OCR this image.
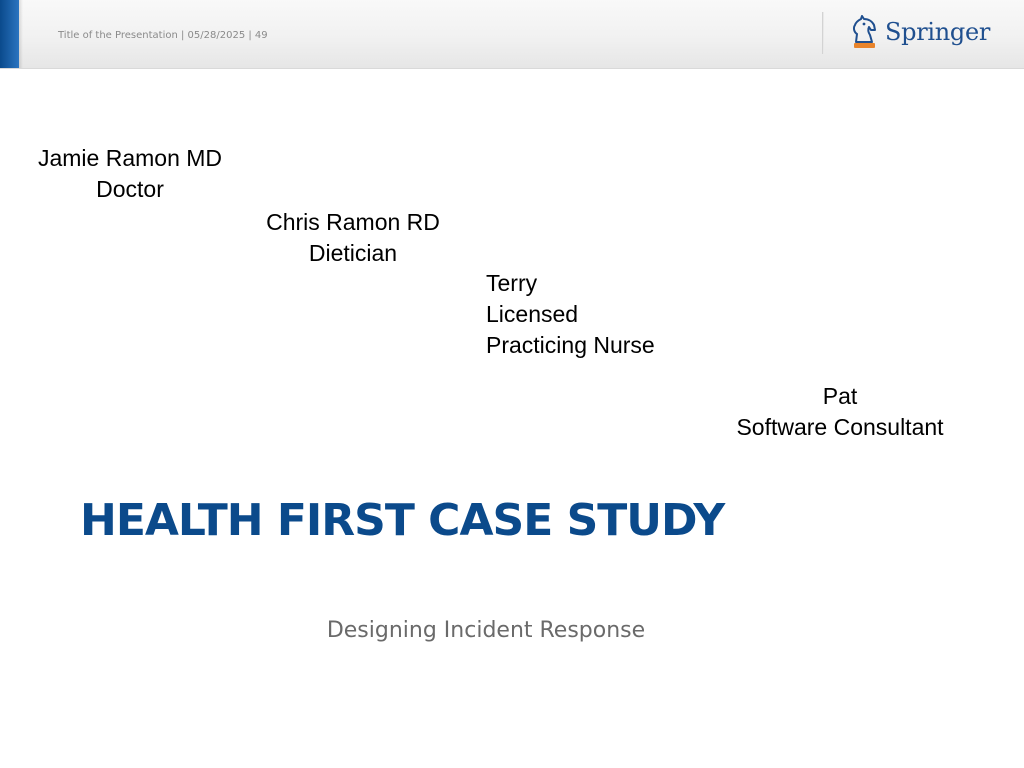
Title of the Presentation | 05/28/2025 | 49	Springer
Jamie Ramon MD
Doctor
Chris Ramon RD
Dietician
Terry
Licensed
Practicing Nurse
Pat
Software Consultant
HEALTH FIRST CASE STUDY
Designing Incident Response
